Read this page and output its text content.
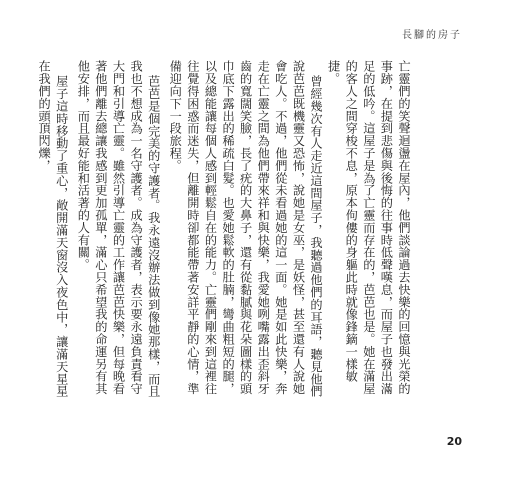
長腳的房子

亡靈們的笑聲迴盪在屋內，他們談論過去快樂的回憶與光榮的事跡，在提到悲傷與後悔的往事時低聲嘆息，而屋子也發出滿足的低吟。這屋子是為了亡靈而存在的，芭芭也是。她在滿屋的客人之間穿梭不息，原本佝僂的身軀此時就像鋒鏑一樣敏捷。

曾經幾次有人走近這間屋子，我聽過他們的耳語，聽見他們說芭芭既機靈又恐怖，說她是女巫，是妖怪，甚至還有人說她會吃人。不過，他們從未看過她的這一面。她是如此快樂，奔走在亡靈之間為他們帶來祥和與快樂，我愛她咧嘴露出歪斜牙齒的寬闊笑臉，長了疣的大鼻子，還有從黏膩與花朵圖樣的頭巾底下露出的稀疏白髮。也愛她鬆軟的肚腩，彎曲粗短的腿，以及總能讓每個人感到輕鬆自在的能力。亡靈們剛來到這裡往往覺得困惑而迷失，但離開時卻都能帶著安詳平靜的心情，準備迎向下一段旅程。

芭芭是個完美的守護者。我永遠沒辦法做到像她那樣，而且我也不想成為一名守護者。成為守護者，表示要永遠負責看守大門和引導亡靈。雖然引導亡靈的工作讓芭芭快樂，但每晚看著他們離去總讓我感到更加孤單，滿心只希望我的命運另有其他安排，而且最好能和活著的人有關。

屋子這時移動了重心，敞開滿天窗沒入夜色中，讓滿天星星在我們的頭頂閃爍，

20
